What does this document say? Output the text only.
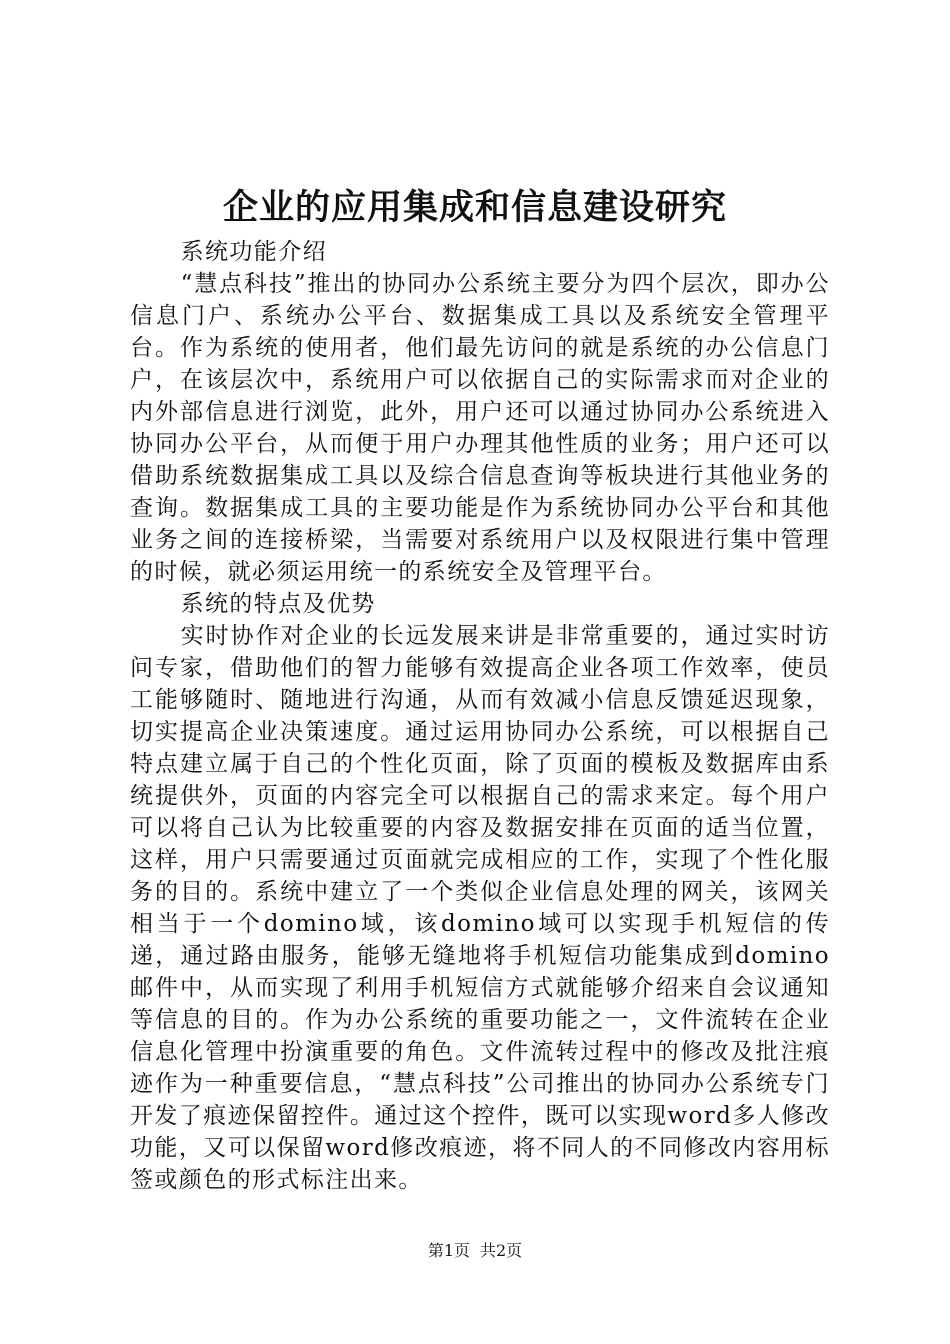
企业的应用集成和信息建设研究

系统功能介绍

“慧点科技”推出的协同办公系统主要分为四个层次，即办公信息门户、系统办公平台、数据集成工具以及系统安全管理平台。作为系统的使用者，他们最先访问的就是系统的办公信息门户，在该层次中，系统用户可以依据自己的实际需求而对企业的内外部信息进行浏览，此外，用户还可以通过协同办公系统进入协同办公平台，从而便于用户办理其他性质的业务；用户还可以借助系统数据集成工具以及综合信息查询等板块进行其他业务的查询。数据集成工具的主要功能是作为系统协同办公平台和其他业务之间的连接桥梁，当需要对系统用户以及权限进行集中管理的时候，就必须运用统一的系统安全及管理平台。

系统的特点及优势

实时协作对企业的长远发展来讲是非常重要的，通过实时访问专家，借助他们的智力能够有效提高企业各项工作效率，使员工能够随时、随地进行沟通，从而有效减小信息反馈延迟现象，切实提高企业决策速度。通过运用协同办公系统，可以根据自己特点建立属于自己的个性化页面，除了页面的模板及数据库由系统提供外，页面的内容完全可以根据自己的需求来定。每个用户可以将自己认为比较重要的内容及数据安排在页面的适当位置，这样，用户只需要通过页面就完成相应的工作，实现了个性化服务的目的。系统中建立了一个类似企业信息处理的网关，该网关相当于一个domino域，该domino域可以实现手机短信的传递，通过路由服务，能够无缝地将手机短信功能集成到domino邮件中，从而实现了利用手机短信方式就能够介绍来自会议通知等信息的目的。作为办公系统的重要功能之一，文件流转在企业信息化管理中扮演重要的角色。文件流转过程中的修改及批注痕迹作为一种重要信息，“慧点科技”公司推出的协同办公系统专门开发了痕迹保留控件。通过这个控件，既可以实现word多人修改功能，又可以保留word修改痕迹，将不同人的不同修改内容用标签或颜色的形式标注出来。

第1页 共2页
